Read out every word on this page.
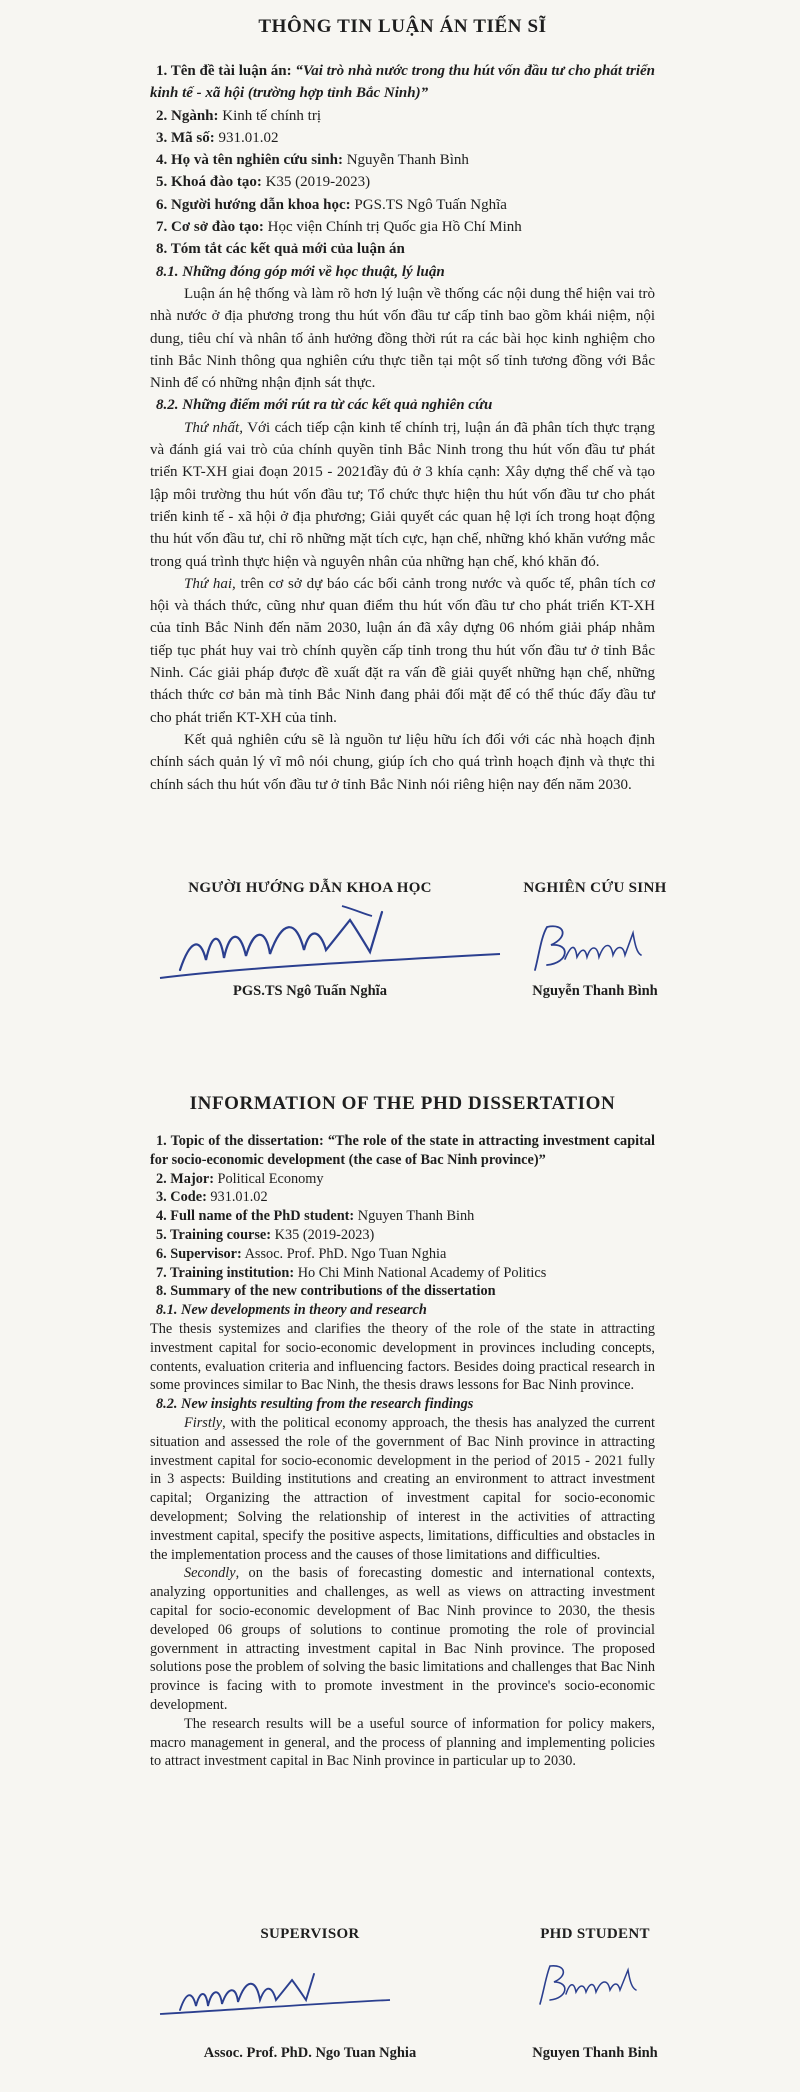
THÔNG TIN LUẬN ÁN TIẾN SĨ

1. Tên đề tài luận án: “Vai trò nhà nước trong thu hút vốn đầu tư cho phát triển kinh tế - xã hội (trường hợp tỉnh Bắc Ninh)”

2. Ngành: Kinh tế chính trị

3. Mã số: 931.01.02

4. Họ và tên nghiên cứu sinh: Nguyễn Thanh Bình

5. Khoá đào tạo: K35 (2019-2023)

6. Người hướng dẫn khoa học: PGS.TS Ngô Tuấn Nghĩa

7. Cơ sở đào tạo: Học viện Chính trị Quốc gia Hồ Chí Minh

8. Tóm tắt các kết quả mới của luận án

8.1. Những đóng góp mới về học thuật, lý luận

Luận án hệ thống và làm rõ hơn lý luận về thống các nội dung thể hiện vai trò nhà nước ở địa phương trong thu hút vốn đầu tư cấp tỉnh bao gồm khái niệm, nội dung, tiêu chí và nhân tố ảnh hưởng đồng thời rút ra các bài học kinh nghiệm cho tỉnh Bắc Ninh thông qua nghiên cứu thực tiễn tại một số tỉnh tương đồng với Bắc Ninh để có những nhận định sát thực.

8.2. Những điểm mới rút ra từ các kết quả nghiên cứu

Thứ nhất, Với cách tiếp cận kinh tế chính trị, luận án đã phân tích thực trạng và đánh giá vai trò của chính quyền tỉnh Bắc Ninh trong thu hút vốn đầu tư phát triển KT-XH giai đoạn 2015 - 2021đầy đủ ở 3 khía cạnh: Xây dựng thể chế và tạo lập môi trường thu hút vốn đầu tư; Tổ chức thực hiện thu hút vốn đầu tư cho phát triển kinh tế - xã hội ở địa phương; Giải quyết các quan hệ lợi ích trong hoạt động thu hút vốn đầu tư, chỉ rõ những mặt tích cực, hạn chế, những khó khăn vướng mắc trong quá trình thực hiện và nguyên nhân của những hạn chế, khó khăn đó.

Thứ hai, trên cơ sở dự báo các bối cảnh trong nước và quốc tế, phân tích cơ hội và thách thức, cũng như quan điểm thu hút vốn đầu tư cho phát triển KT-XH của tỉnh Bắc Ninh đến năm 2030, luận án đã xây dựng 06 nhóm giải pháp nhằm tiếp tục phát huy vai trò chính quyền cấp tỉnh trong thu hút vốn đầu tư ở tỉnh Bắc Ninh. Các giải pháp được đề xuất đặt ra vấn đề giải quyết những hạn chế, những thách thức cơ bản mà tỉnh Bắc Ninh đang phải đối mặt để có thể thúc đẩy đầu tư cho phát triển KT-XH của tỉnh.

Kết quả nghiên cứu sẽ là nguồn tư liệu hữu ích đối với các nhà hoạch định chính sách quản lý vĩ mô nói chung, giúp ích cho quá trình hoạch định và thực thi chính sách thu hút vốn đầu tư ở tỉnh Bắc Ninh nói riêng hiện nay đến năm 2030.

NGƯỜI HƯỚNG DẪN KHOA HỌC	NGHIÊN CỨU SINH
PGS.TS Ngô Tuấn Nghĩa	Nguyễn Thanh Bình
INFORMATION OF THE PHD DISSERTATION

1. Topic of the dissertation: “The role of the state in attracting investment capital for socio-economic development (the case of Bac Ninh province)”

2. Major: Political Economy

3. Code: 931.01.02

4. Full name of the PhD student: Nguyen Thanh Binh

5. Training course: K35 (2019-2023)

6. Supervisor: Assoc. Prof. PhD. Ngo Tuan Nghia

7. Training institution: Ho Chi Minh National Academy of Politics

8. Summary of the new contributions of the dissertation

8.1. New developments in theory and research

The thesis systemizes and clarifies the theory of the role of the state in attracting investment capital for socio-economic development in provinces including concepts, contents, evaluation criteria and influencing factors. Besides doing practical research in some provinces similar to Bac Ninh, the thesis draws lessons for Bac Ninh province.

8.2. New insights resulting from the research findings

Firstly, with the political economy approach, the thesis has analyzed the current situation and assessed the role of the government of Bac Ninh province in attracting investment capital for socio-economic development in the period of 2015 - 2021 fully in 3 aspects: Building institutions and creating an environment to attract investment capital; Organizing the attraction of investment capital for socio-economic development; Solving the relationship of interest in the activities of attracting investment capital, specify the positive aspects, limitations, difficulties and obstacles in the implementation process and the causes of those limitations and difficulties.

Secondly, on the basis of forecasting domestic and international contexts, analyzing opportunities and challenges, as well as views on attracting investment capital for socio-economic development of Bac Ninh province to 2030, the thesis developed 06 groups of solutions to continue promoting the role of provincial government in attracting investment capital in Bac Ninh province. The proposed solutions pose the problem of solving the basic limitations and challenges that Bac Ninh province is facing with to promote investment in the province's socio-economic development.

The research results will be a useful source of information for policy makers, macro management in general, and the process of planning and implementing policies to attract investment capital in Bac Ninh province in particular up to 2030.

SUPERVISOR	PHD STUDENT
Assoc. Prof. PhD. Ngo Tuan Nghia	Nguyen Thanh Binh
